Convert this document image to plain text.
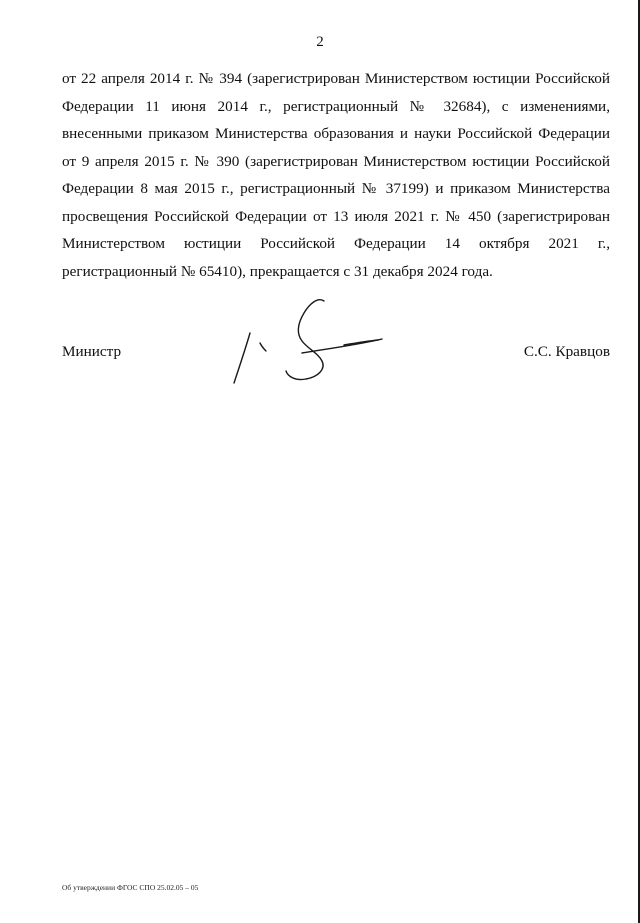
2
от 22 апреля 2014 г. № 394 (зарегистрирован Министерством юстиции Российской
Федерации 11 июня 2014 г., регистрационный № 32684), с изменениями,
внесенными приказом Министерства образования и науки Российской Федерации
от 9 апреля 2015 г. № 390 (зарегистрирован Министерством юстиции Российской
Федерации 8 мая 2015 г., регистрационный № 37199) и приказом Министерства
просвещения Российской Федерации от 13 июля 2021 г. № 450 (зарегистрирован
Министерством юстиции Российской Федерации 14 октября 2021 г.,
регистрационный № 65410), прекращается с 31 декабря 2024 года.
Министр	С.С. Кравцов
Об утверждении ФГОС СПО 25.02.05 – 05
